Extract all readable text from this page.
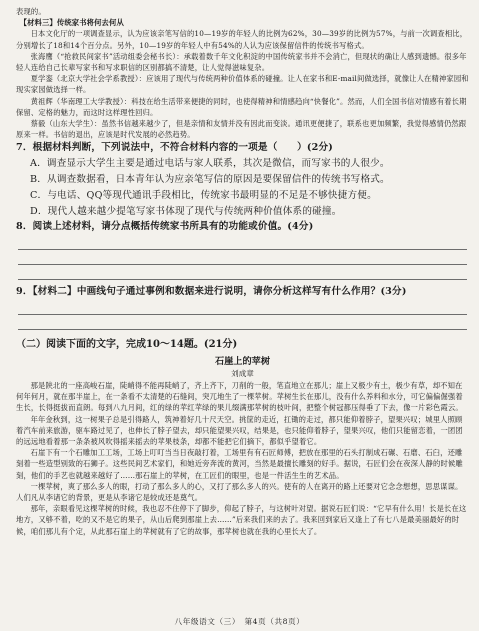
表现的。

【材料三】传统家书将何去何从

日本文化厅的一项调查显示，认为应该亲笔写信的10—19岁的年轻人的比例为62%，30—39岁的比例为57%，与前一次调查相比，分别增长了18和14个百分点。另外，10—19岁的年轻人中有54%的人认为应该保留信件的传统书写格式。

张海鹰（“抢救民间家书”活动组委会秘书长）：承载着数千年文化积淀的中国传统家书并不会消亡，但现状的确让人感到遗憾。很多年轻人连给自己长辈写家书和写求职信的区别都搞不清楚，让人觉得滋味复杂。

夏学銮（北京大学社会学系教授）：应该用了现代与传统两种价值体系的碰撞。让人在家书和E-mail间做选择，就像让人在精神家园和现实家园做选择一样。

黄祖辉（华南理工大学教授）：科技在给生活带来便捷的同时，也使得精神和情感趋向“快餐化”。然而，人们全国书信对情感有着长期保留、定格的魅力，而这时这样理性回归。

蔡毅（山东大学生）：虽然书信越来越少了，但是亲情和友情并没有因此而变淡。通讯更便捷了，联系也更加频繁，我觉得感情仍然跟原来一样。书信的退出，应该是时代发展的必然趋势。

7．根据材料判断，下列说法中，不符合材料内容的一项是（　　）(2分)

A．调查显示大学生主要是通过电话与家人联系，其次是微信，而写家书的人很少。

B．从调查数据看，日本青年认为应亲笔写信的原因是要保留信件的传统书写格式。

C．与电话、QQ等现代通讯手段相比，传统家书最明显的不足是不够快捷方便。

D．现代人越来越少提笔写家书体现了现代与传统两种价值体系的碰撞。

8．阅读上述材料，请分点概括传统家书所具有的功能或价值。(4分)

9．【材料二】中画线句子通过事例和数据来进行说明，请你分析这样写有什么作用？(3分)

（二）阅读下面的文字，完成10～14题。(21分)

石崖上的苹树

刘成章

那是陕北的一座高峻石崖，陡峭得不能再陡峭了，齐上齐下，刀削的一般，笔直地立在那儿；崖上又极少有土，极少有草，却不知在何年何月，就在那半崖上，在一条看不太清楚的石缝间，突兀地生了一棵苹树。苹树生长在那儿，没有什么养料和水分，可它偏偏倔强着生长，长得挺拔而直朗。每到八九月间，红的绿的苹红苹绿的果儿缀满那苹树的枝叶间，把整个树冠都压得垂了下去，像一片彩色霞云。

年年金秋到，这一树果子总是引得路人，筑神着好几十尺天空。挑筐的走近，扛锄的走过，都只能仰着脖子，望果兴叹；城里人照顾着汽车前来旅游，驱车路过见了，也伸长了脖子望去，却只能望果兴叹，结果是，也只能仰着脖子，望果兴叹，他们只能留恋着，一团团的远远地看着那一条条被风吹得摇来摇去的苹果枝条，却都不能把它们摘下，都似乎望着它。

石崖下有一个石雕加工工场，工场上叮叮当当日夜敲打着，工场里有有石匠师傅，把放在那里的石头打制成石碾、石磨、石臼，还雕刻着一些造型别致的石狮子。这些民间艺术家们，和她近旁奔流的黄河，当然是最擅长雕刻的好手。据说，石匠们会在夜深人静的时候雕刻，他们的手艺也就越来越好了……那石崖上的苹树，在工匠们的眼里，也是一件活生生的艺术品。

一棵苹树，爽了那么多人的眼，打动了那么多人的心，又打了那么多人的兴。使有的人在离开的路上还要对它念念想想，思思谋谋。人们凡从李诸它的背景，更是从李诸它是较成还是奠气。

那年，亲眼看见这棵苹树的时候，我也忍不住停下了脚步，仰起了脖子，与这树叶对望。据说石匠们说：“它早有什么用！长是长在这地方，又够不着，吃的又不是它的果子，从山后爬到那崖上去……”后来我们来的去了。我来回到家后又逢上了有七八是最美丽最好的时候，咱们那儿有个定，从此那石崖上的苹树就有了它的故事，那苹树也就在我的心里长大了。

八年级语文（三）　第4页（共8页）
